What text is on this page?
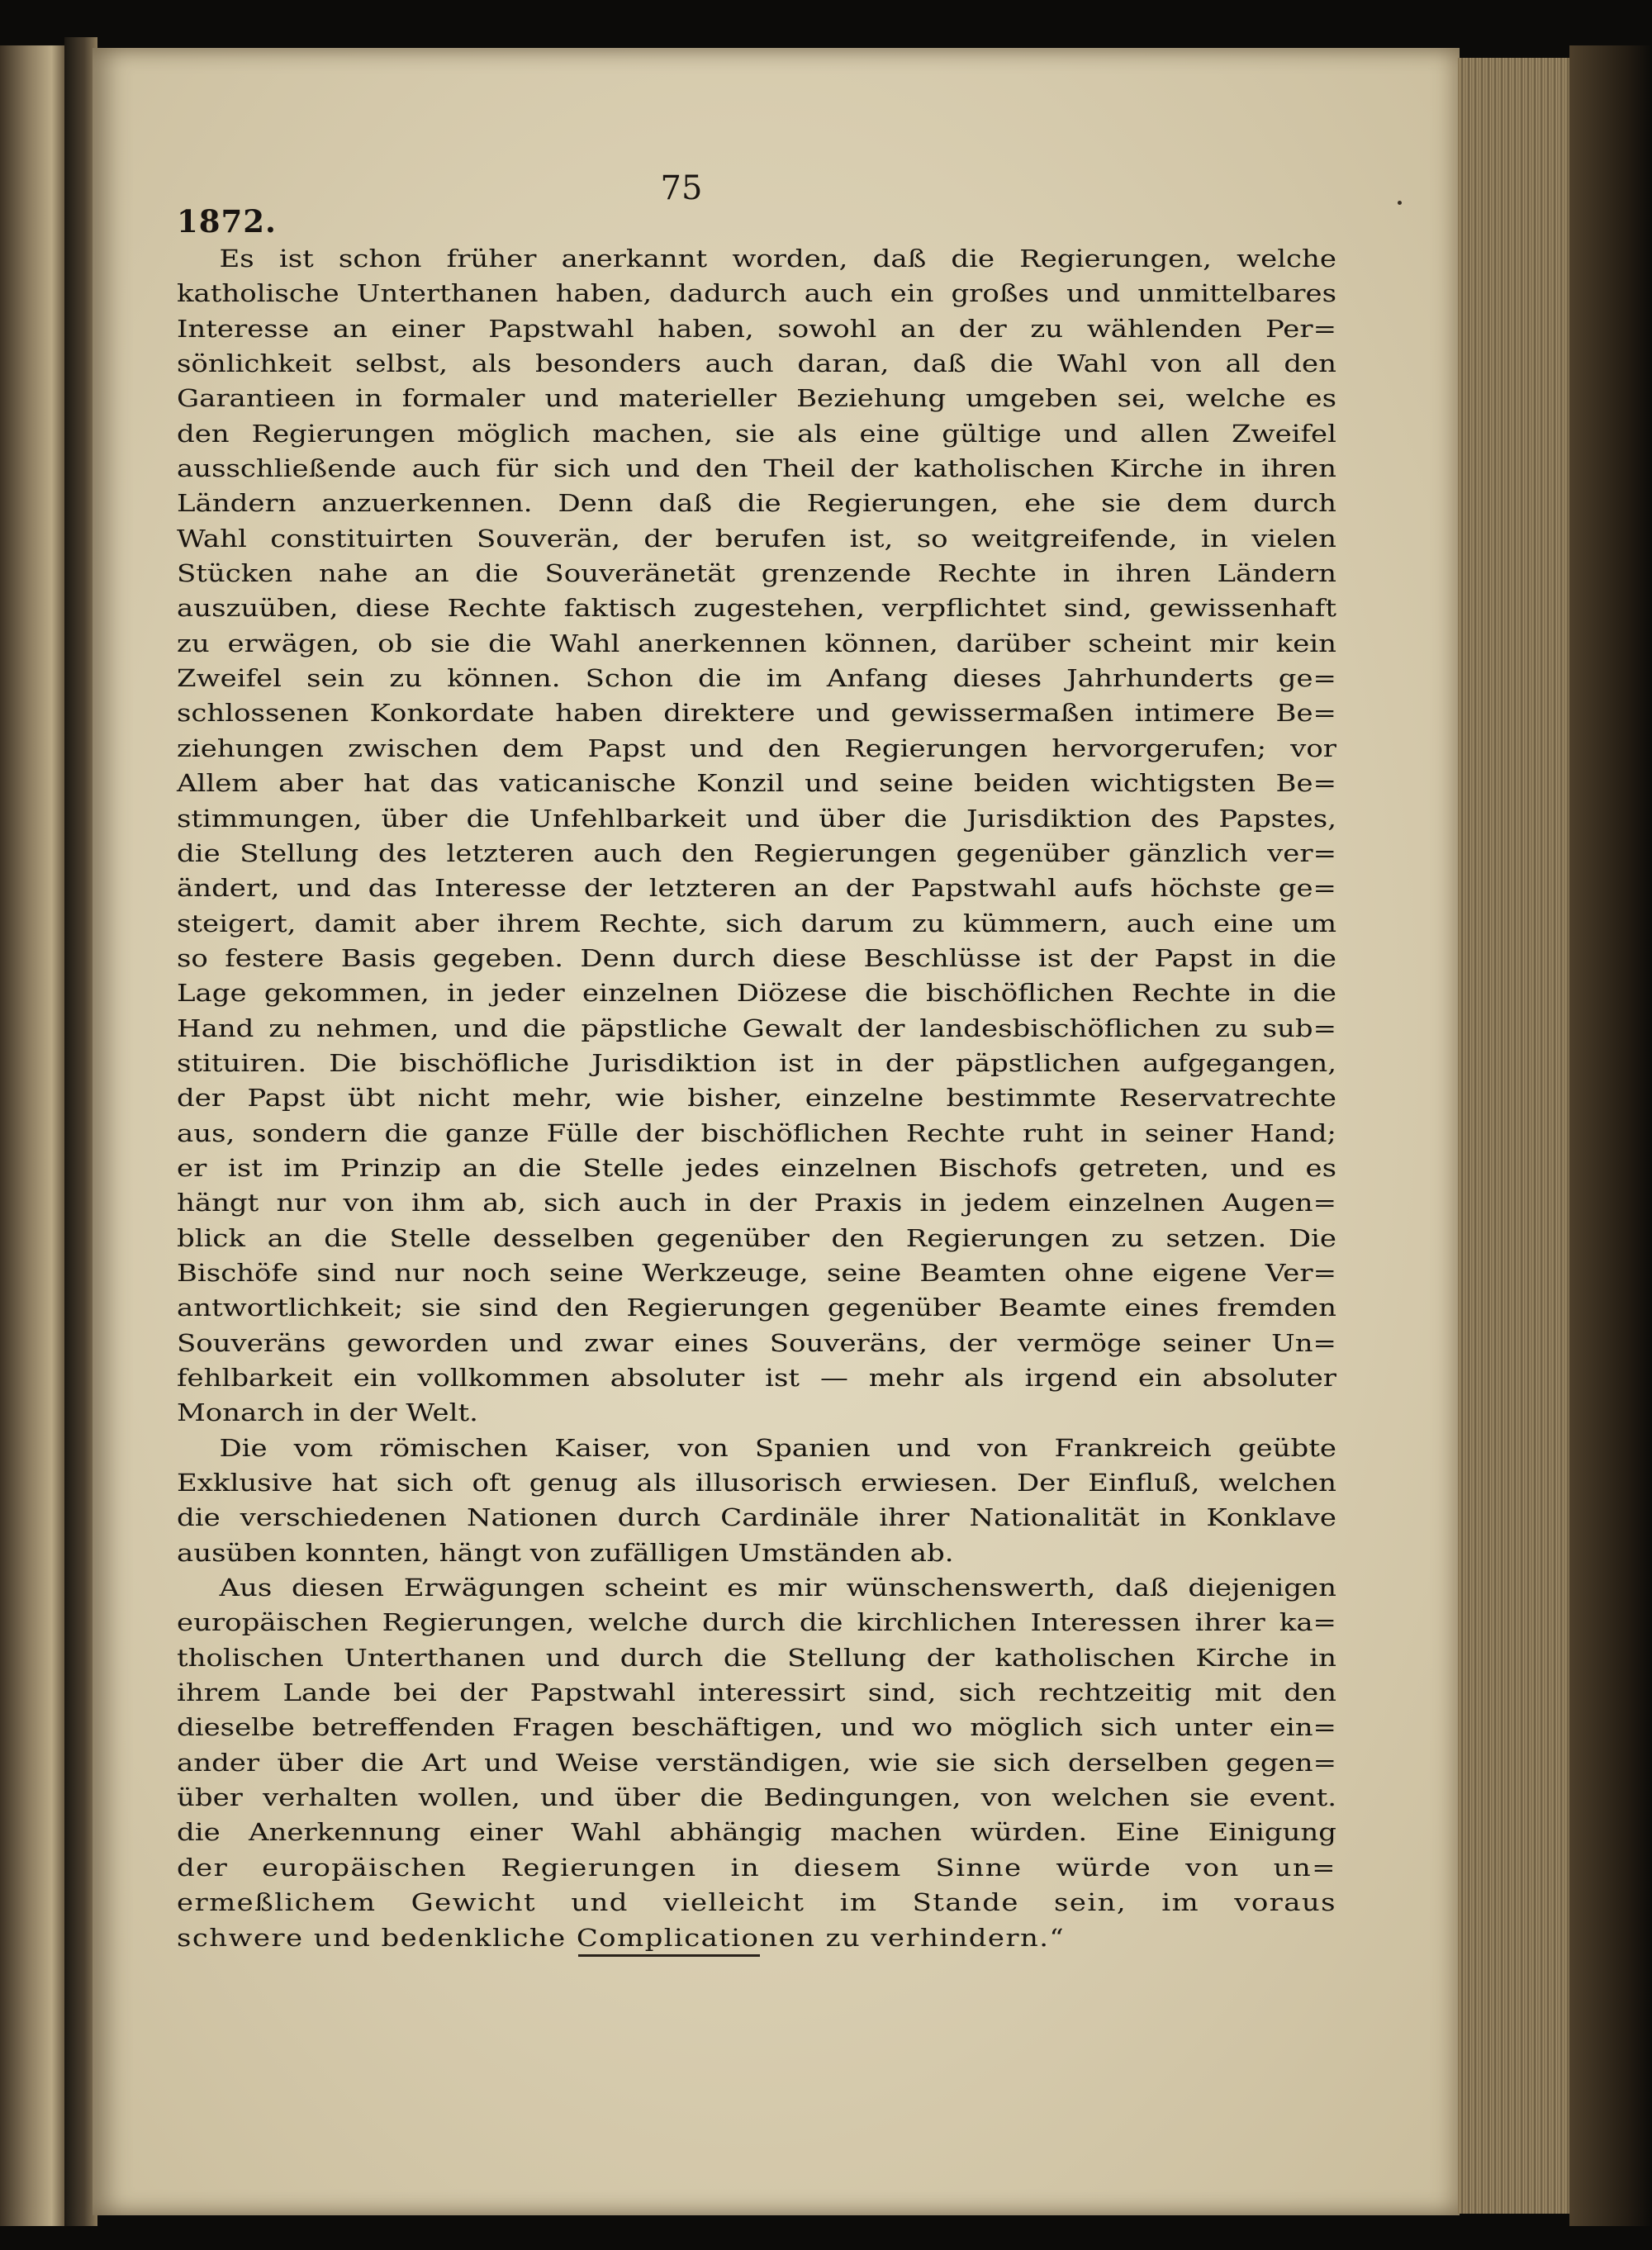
75
1872.

Es ist schon früher anerkannt worden, daß die Regierungen, welche
katholische Unterthanen haben, dadurch auch ein großes und unmittelbares
Interesse an einer Papstwahl haben, sowohl an der zu wählenden Per=
sönlichkeit selbst, als besonders auch daran, daß die Wahl von all den
Garantieen in formaler und materieller Beziehung umgeben sei, welche es
den Regierungen möglich machen, sie als eine gültige und allen Zweifel
ausschließende auch für sich und den Theil der katholischen Kirche in ihren
Ländern anzuerkennen. Denn daß die Regierungen, ehe sie dem durch
Wahl constituirten Souverän, der berufen ist, so weitgreifende, in vielen
Stücken nahe an die Souveränetät grenzende Rechte in ihren Ländern
auszuüben, diese Rechte faktisch zugestehen, verpflichtet sind, gewissenhaft
zu erwägen, ob sie die Wahl anerkennen können, darüber scheint mir kein
Zweifel sein zu können. Schon die im Anfang dieses Jahrhunderts ge=
schlossenen Konkordate haben direktere und gewissermaßen intimere Be=
ziehungen zwischen dem Papst und den Regierungen hervorgerufen; vor
Allem aber hat das vaticanische Konzil und seine beiden wichtigsten Be=
stimmungen, über die Unfehlbarkeit und über die Jurisdiktion des Papstes,
die Stellung des letzteren auch den Regierungen gegenüber gänzlich ver=
ändert, und das Interesse der letzteren an der Papstwahl aufs höchste ge=
steigert, damit aber ihrem Rechte, sich darum zu kümmern, auch eine um
so festere Basis gegeben. Denn durch diese Beschlüsse ist der Papst in die
Lage gekommen, in jeder einzelnen Diözese die bischöflichen Rechte in die
Hand zu nehmen, und die päpstliche Gewalt der landesbischöflichen zu sub=
stituiren. Die bischöfliche Jurisdiktion ist in der päpstlichen aufgegangen,
der Papst übt nicht mehr, wie bisher, einzelne bestimmte Reservatrechte
aus, sondern die ganze Fülle der bischöflichen Rechte ruht in seiner Hand;
er ist im Prinzip an die Stelle jedes einzelnen Bischofs getreten, und es
hängt nur von ihm ab, sich auch in der Praxis in jedem einzelnen Augen=
blick an die Stelle desselben gegenüber den Regierungen zu setzen. Die
Bischöfe sind nur noch seine Werkzeuge, seine Beamten ohne eigene Ver=
antwortlichkeit; sie sind den Regierungen gegenüber Beamte eines fremden
Souveräns geworden und zwar eines Souveräns, der vermöge seiner Un=
fehlbarkeit ein vollkommen absoluter ist — mehr als irgend ein absoluter
Monarch in der Welt.

Die vom römischen Kaiser, von Spanien und von Frankreich geübte
Exklusive hat sich oft genug als illusorisch erwiesen. Der Einfluß, welchen
die verschiedenen Nationen durch Cardinäle ihrer Nationalität in Konklave
ausüben konnten, hängt von zufälligen Umständen ab.

Aus diesen Erwägungen scheint es mir wünschenswerth, daß diejenigen
europäischen Regierungen, welche durch die kirchlichen Interessen ihrer ka=
tholischen Unterthanen und durch die Stellung der katholischen Kirche in
ihrem Lande bei der Papstwahl interessirt sind, sich rechtzeitig mit den
dieselbe betreffenden Fragen beschäftigen, und wo möglich sich unter ein=
ander über die Art und Weise verständigen, wie sie sich derselben gegen=
über verhalten wollen, und über die Bedingungen, von welchen sie event.
die Anerkennung einer Wahl abhängig machen würden. Eine Einigung
der europäischen Regierungen in diesem Sinne würde von un=
ermeßlichem Gewicht und vielleicht im Stande sein, im voraus
schwere und bedenkliche Complicationen zu verhindern.“
